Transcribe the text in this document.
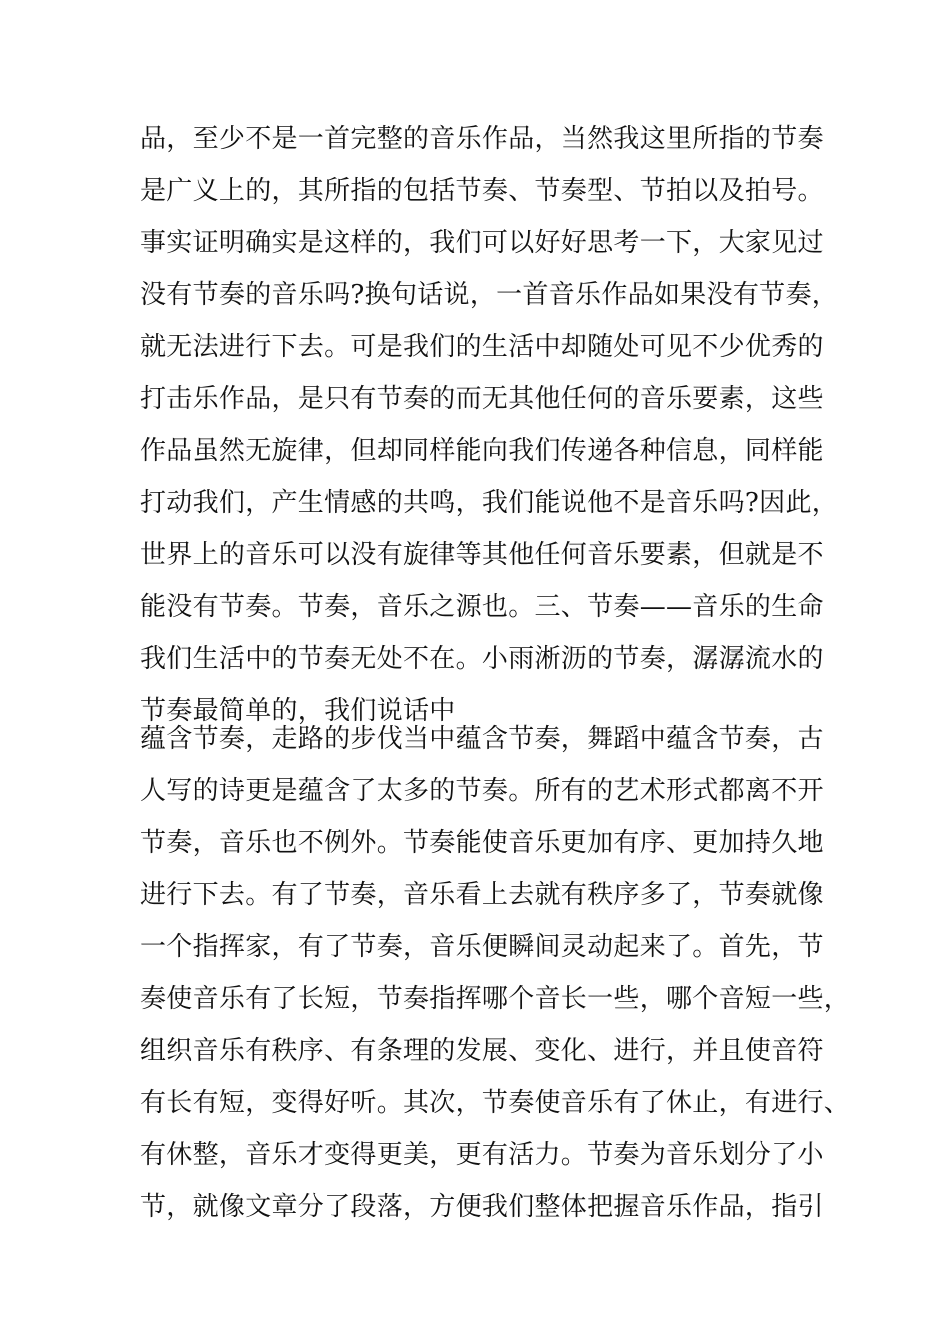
品，至少不是一首完整的音乐作品，当然我这里所指的节奏
是广义上的，其所指的包括节奏、节奏型、节拍以及拍号。
事实证明确实是这样的，我们可以好好思考一下，大家见过
没有节奏的音乐吗?换句话说，一首音乐作品如果没有节奏，
就无法进行下去。可是我们的生活中却随处可见不少优秀的
打击乐作品，是只有节奏的而无其他任何的音乐要素，这些
作品虽然无旋律，但却同样能向我们传递各种信息，同样能
打动我们，产生情感的共鸣，我们能说他不是音乐吗?因此，
世界上的音乐可以没有旋律等其他任何音乐要素，但就是不
能没有节奏。节奏，音乐之源也。三、节奏——音乐的生命
我们生活中的节奏无处不在。小雨淅沥的节奏，潺潺流水的
节奏最简单的，我们说话中
蕴含节奏，走路的步伐当中蕴含节奏，舞蹈中蕴含节奏，古
人写的诗更是蕴含了太多的节奏。所有的艺术形式都离不开
节奏，音乐也不例外。节奏能使音乐更加有序、更加持久地
进行下去。有了节奏，音乐看上去就有秩序多了，节奏就像
一个指挥家，有了节奏，音乐便瞬间灵动起来了。首先，节
奏使音乐有了长短，节奏指挥哪个音长一些，哪个音短一些，
组织音乐有秩序、有条理的发展、变化、进行，并且使音符
有长有短，变得好听。其次，节奏使音乐有了休止，有进行、
有休整，音乐才变得更美，更有活力。节奏为音乐划分了小
节，就像文章分了段落，方便我们整体把握音乐作品，指引
